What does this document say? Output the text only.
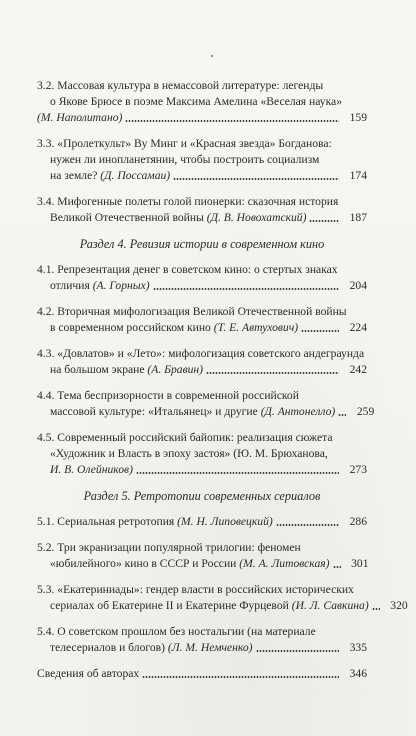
3.2. Массовая культура в немассовой литературе: легенды
о Якове Брюсе в поэме Максима Амелина «Веселая наука»
(М. Наполитано)	159
3.3. «Пролеткульт» Ву Минг и «Красная звезда» Богданова:
нужен ли инопланетянин, чтобы построить социализм
на земле? (Д. Поссамаи)	174
3.4. Мифогенные полеты голой пионерки: сказочная история
Великой Отечественной войны (Д. В. Новохатский)	187
Раздел 4. Ревизия истории в современном кино
4.1. Репрезентация денег в советском кино: о стертых знаках
отличия (А. Горных)	204
4.2. Вторичная мифологизация Великой Отечественной войны
в современном российском кино (Т. Е. Автухович)	224
4.3. «Довлатов» и «Лето»: мифологизация советского андеграунда
на большом экране (А. Бравин)	242
4.4. Тема беспризорности в современной российской
массовой культуре: «Итальянец» и другие (Д. Антонелло)	259
4.5. Современный российский байопик: реализация сюжета
«Художник и Власть в эпоху застоя» (Ю. М. Брюханова,
И. В. Олейников)	273
Раздел 5. Ретротопии современных сериалов
5.1. Сериальная ретротопия (М. Н. Липовецкий)	286
5.2. Три экранизации популярной трилогии: феномен
«юбилейного» кино в СССР и России (М. А. Литовская)	301
5.3. «Екатериниады»: гендер власти в российских исторических
сериалах об Екатерине II и Екатерине Фурцевой (И. Л. Савкина)	320
5.4. О советском прошлом без ностальгии (на материале
телесериалов и блогов) (Л. М. Немченко)	335
Сведения об авторах	346
